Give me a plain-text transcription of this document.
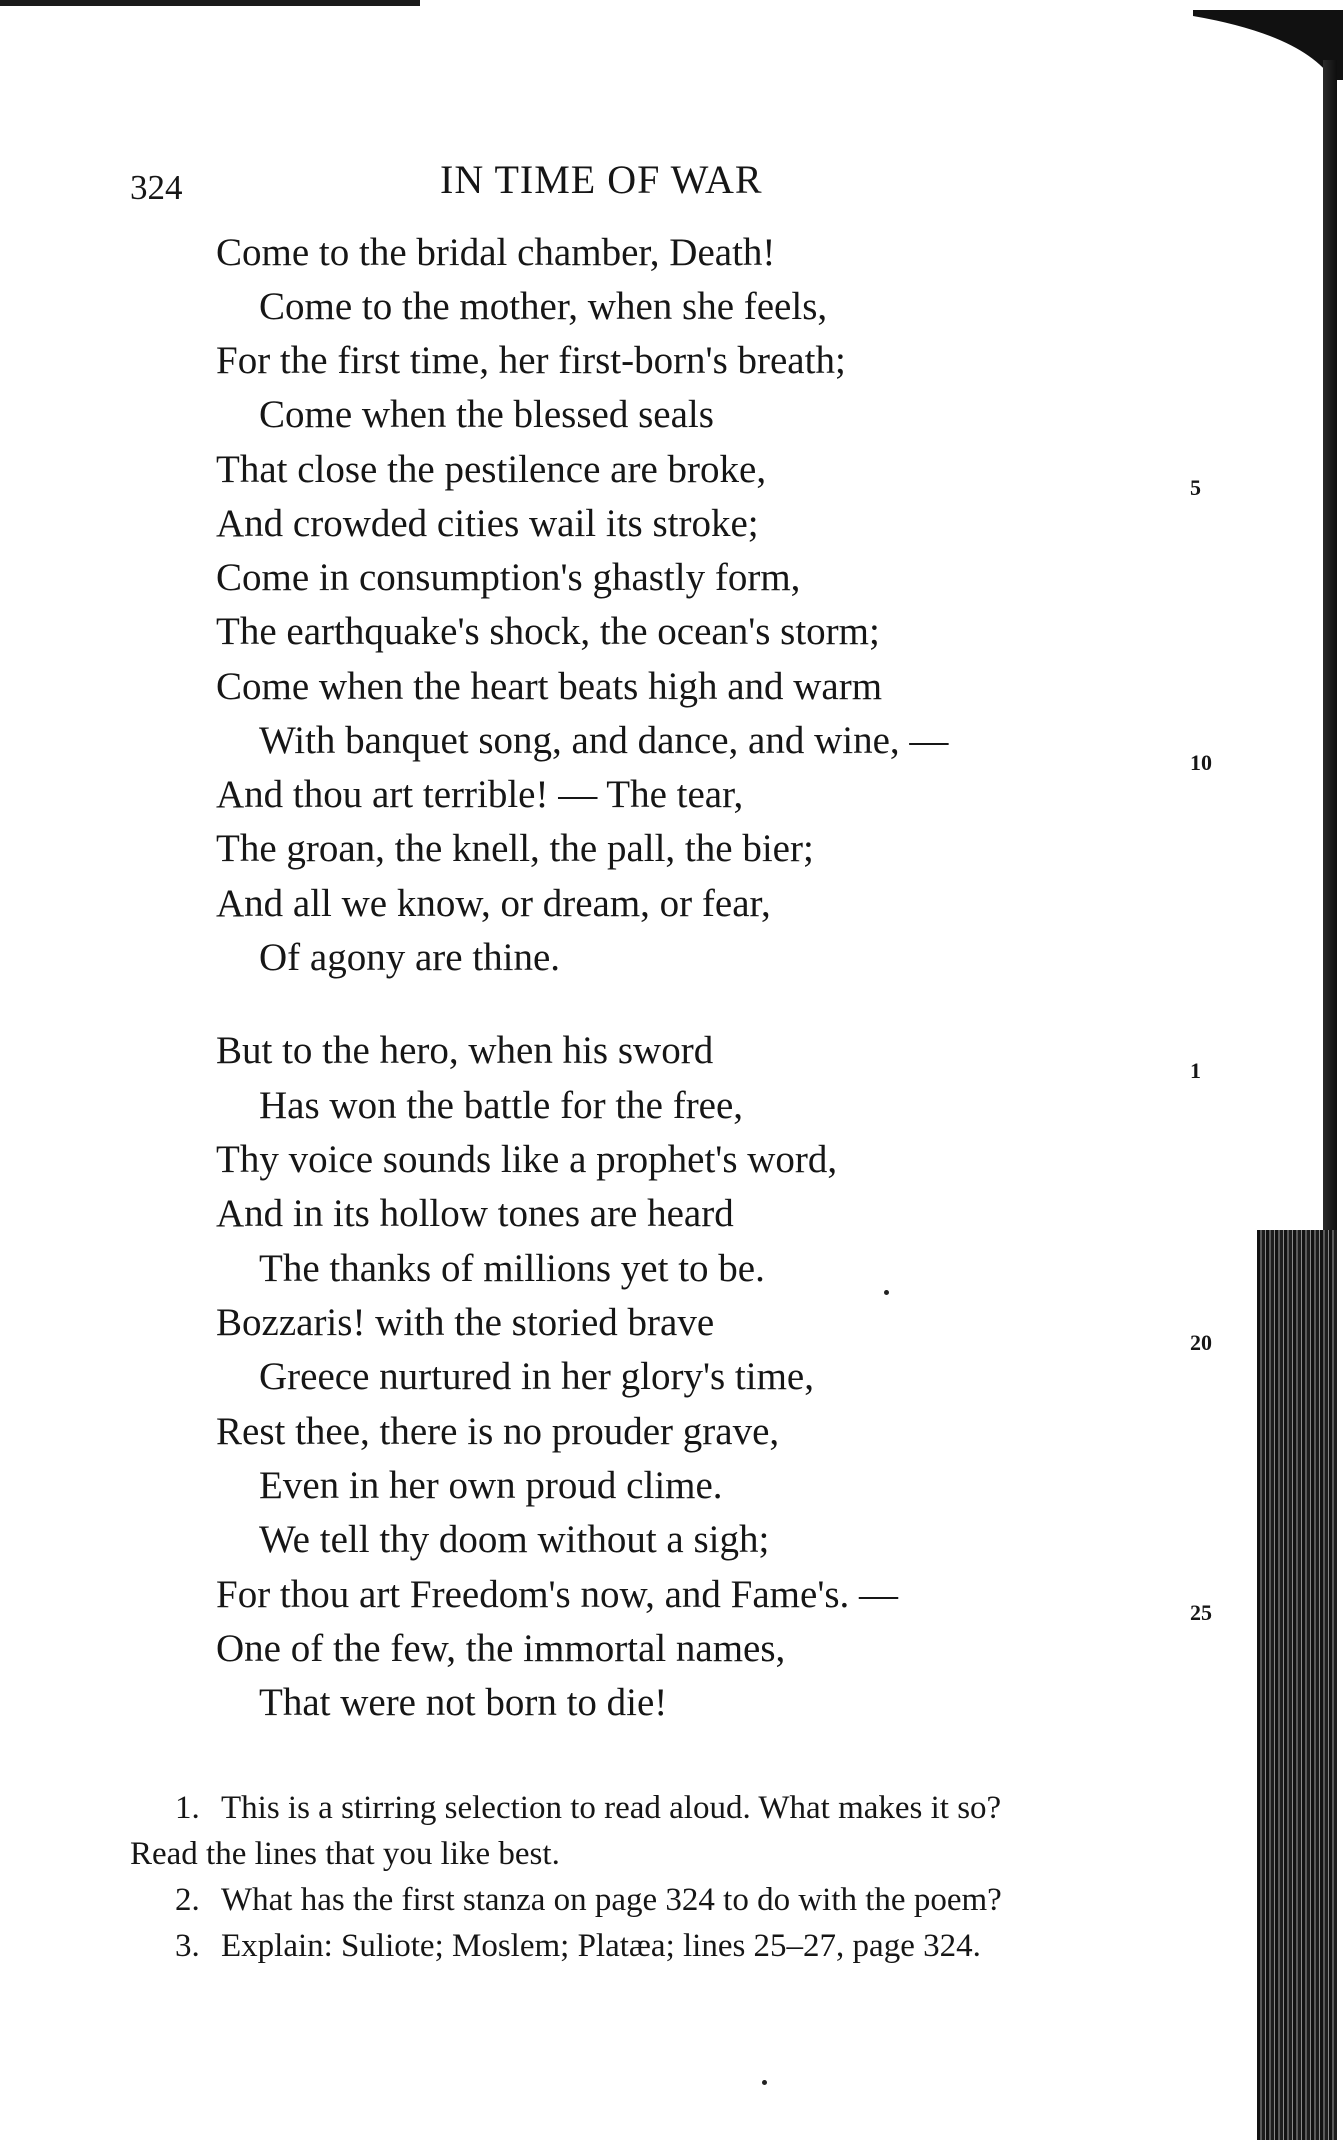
324	IN TIME OF WAR
Come to the bridal chamber, Death!
Come to the mother, when she feels,
For the first time, her first-born's breath;
Come when the blessed seals
That close the pestilence are broke,
And crowded cities wail its stroke;
Come in consumption's ghastly form,
The earthquake's shock, the ocean's storm;
Come when the heart beats high and warm
With banquet song, and dance, and wine, —
And thou art terrible! — The tear,
The groan, the knell, the pall, the bier;
And all we know, or dream, or fear,
Of agony are thine.
But to the hero, when his sword
Has won the battle for the free,
Thy voice sounds like a prophet's word,
And in its hollow tones are heard
The thanks of millions yet to be.
Bozzaris! with the storied brave
Greece nurtured in her glory's time,
Rest thee, there is no prouder grave,
Even in her own proud clime.
We tell thy doom without a sigh;
For thou art Freedom's now, and Fame's. —
One of the few, the immortal names,
That were not born to die!
5
10
1
20
25
1. This is a stirring selection to read aloud. What makes it so?
Read the lines that you like best.
2. What has the first stanza on page 324 to do with the poem?
3. Explain: Suliote; Moslem; Platæa; lines 25–27, page 324.
